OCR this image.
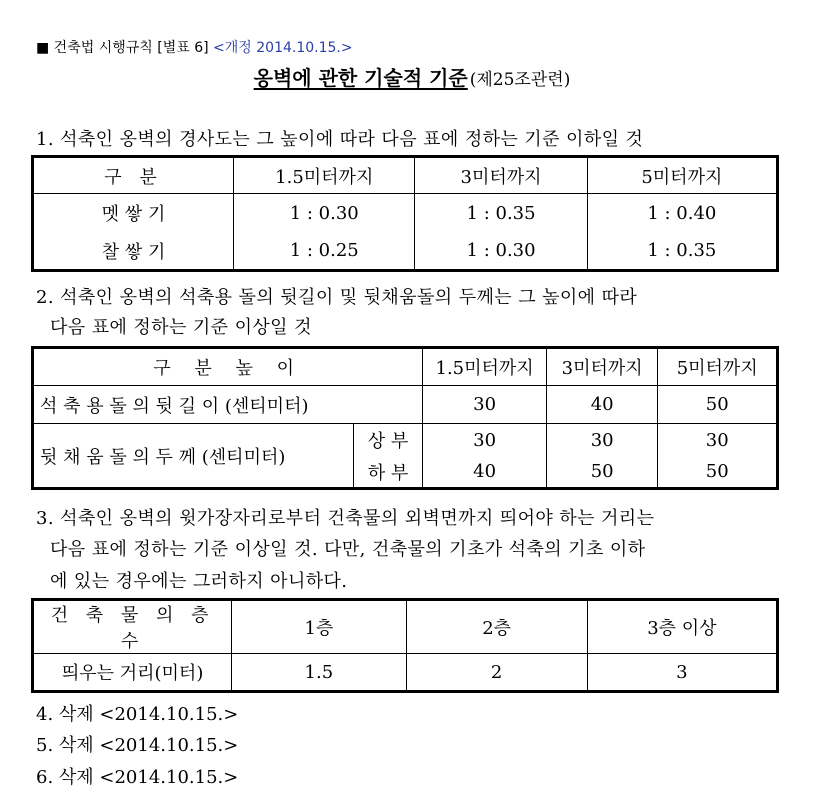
■ 건축법 시행규칙 [별표 6] <개정 2014.10.15.>
옹벽에 관한 기술적 기준 (제25조관련)
1. 석축인 옹벽의 경사도는 그 높이에 따라 다음 표에 정하는 기준 이하일 것
구 분	1.5미터까지	3미터까지	5미터까지
멧 쌓 기	1 : 0.30	1 : 0.35	1 : 0.40
찰 쌓 기	1 : 0.25	1 : 0.30	1 : 0.35
2. 석축인 옹벽의 석축용 돌의 뒷길이 및 뒷채움돌의 두께는 그 높이에 따라
다음 표에 정하는 기준 이상일 것
구 분 높 이		1.5미터까지	3미터까지	5미터까지
석 축 용 돌 의 뒷 길 이 (센티미터)		30	40	50
뒷 채 움 돌 의 두 께 (센티미터)	상 부	30	30	30
	하 부	40	50	50
3. 석축인 옹벽의 윗가장자리로부터 건축물의 외벽면까지 띄어야 하는 거리는
다음 표에 정하는 기준 이상일 것. 다만, 건축물의 기초가 석축의 기초 이하
에 있는 경우에는 그러하지 아니하다.
건 축 물 의 층 수	1층	2층	3층 이상
띄우는 거리(미터)	1.5	2	3
4. 삭제 <2014.10.15.>
5. 삭제 <2014.10.15.>
6. 삭제 <2014.10.15.>
